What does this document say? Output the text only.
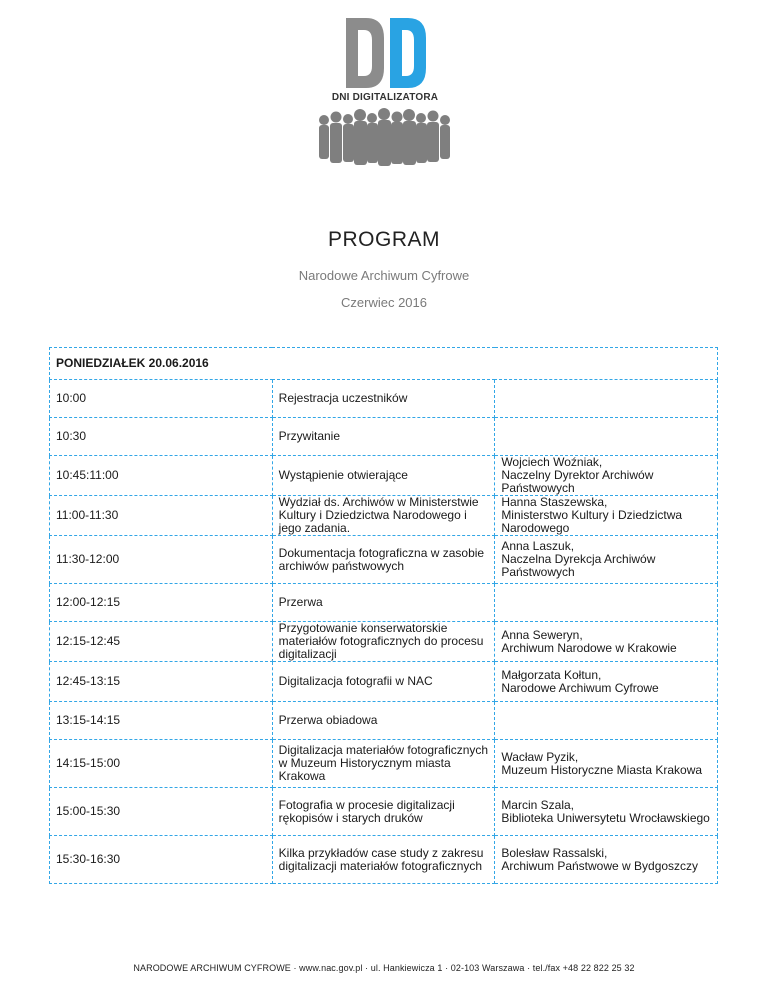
DNI DIGITALIZATORA
PROGRAM
Narodowe Archiwum Cyfrowe
Czerwiec 2016
PONIEDZIAŁEK 20.06.2016		
10:00	Rejestracja uczestników	
10:30	Przywitanie	
10:45:11:00	Wystąpienie otwierające	Wojciech Woźniak,
Naczelny Dyrektor Archiwów Państwowych
11:00-11:30	Wydział ds. Archiwów w Ministerstwie Kultury i Dziedzictwa Narodowego i jego zadania.	Hanna Staszewska,
Ministerstwo Kultury i Dziedzictwa Narodowego
11:30-12:00	Dokumentacja fotograficzna w zasobie archiwów państwowych	Anna Laszuk,
Naczelna Dyrekcja Archiwów Państwowych
12:00-12:15	Przerwa	
12:15-12:45	Przygotowanie konserwatorskie materiałów fotograficznych do procesu digitalizacji	Anna Seweryn,
Archiwum Narodowe w Krakowie
12:45-13:15	Digitalizacja fotografii w NAC	Małgorzata Kołtun,
Narodowe Archiwum Cyfrowe
13:15-14:15	Przerwa obiadowa	
14:15-15:00	Digitalizacja materiałów fotograficznych w Muzeum Historycznym miasta Krakowa	Wacław Pyzik,
Muzeum Historyczne Miasta Krakowa
15:00-15:30	Fotografia w procesie digitalizacji rękopisów i starych druków	Marcin Szala,
Biblioteka Uniwersytetu Wrocławskiego
15:30-16:30	Kilka przykładów case study z zakresu digitalizacji materiałów fotograficznych	Bolesław Rassalski,
Archiwum Państwowe w Bydgoszczy
NARODOWE ARCHIWUM CYFROWE · www.nac.gov.pl · ul. Hankiewicza 1 · 02-103 Warszawa · tel./fax +48 22 822 25 32
